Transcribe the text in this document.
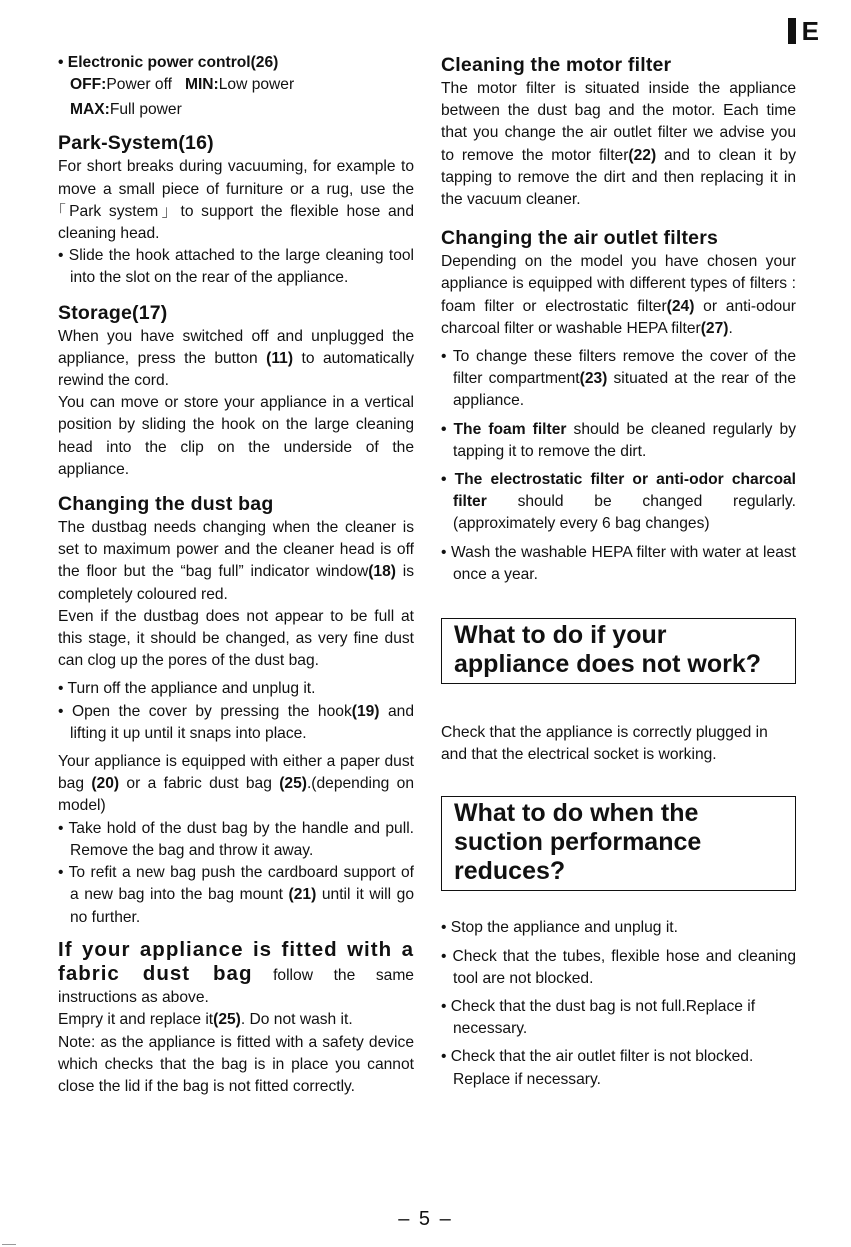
E

• Electronic power control(26)

OFF:Power off MIN:Low power

MAX:Full power

Park-System(16)

For short breaks during vacuuming, for example to move a small piece of furniture or a rug, use the ｢Park system｣ to support the flexible hose and cleaning head.

• Slide the hook attached to the large cleaning tool into the slot on the rear of the appliance.

Storage(17)

When you have switched off and unplugged the appliance, press the button (11) to automatically rewind the cord.

You can move or store your appliance in a vertical position by sliding the hook on the large cleaning head into the clip on the underside of the appliance.

Changing the dust bag

The dustbag needs changing when the cleaner is set to maximum power and the cleaner head is off the floor but the “bag full” indicator window(18) is completely coloured red.

Even if the dustbag does not appear to be full at this stage, it should be changed, as very fine dust can clog up the pores of the dust bag.

• Turn off the appliance and unplug it.

• Open the cover by pressing the hook(19) and lifting it up until it snaps into place.

Your appliance is equipped with either a paper dust bag (20) or a fabric dust bag (25).(depending on model)

• Take hold of the dust bag by the handle and pull. Remove the bag and throw it away.

• To refit a new bag push the cardboard support of a new bag into the bag mount (21) until it will go no further.

If your appliance is fitted with a fabric dust bag follow the same instructions as above.

Empry it and replace it(25). Do not wash it.

Note: as the appliance is fitted with a safety device which checks that the bag is in place you cannot close the lid if the bag is not fitted correctly.

Cleaning the motor filter

The motor filter is situated inside the appliance between the dust bag and the motor. Each time that you change the air outlet filter we advise you to remove the motor filter(22) and to clean it by tapping to remove the dirt and then replacing it in the vacuum cleaner.

Changing the air outlet filters

Depending on the model you have chosen your appliance is equipped with different types of filters : foam filter or electrostatic filter(24) or anti-odour charcoal filter or washable HEPA filter(27).

• To change these filters remove the cover of the filter compartment(23) situated at the rear of the appliance.

• The foam filter should be cleaned regularly by tapping it to remove the dirt.

• The electrostatic filter or anti-odor charcoal filter should be changed regularly. (approximately every 6 bag changes)

• Wash the washable HEPA filter with water at least once a year.

What to do if your appliance does not work?

Check that the appliance is correctly plugged in and that the electrical socket is working.

What to do when the suction performance reduces?

• Stop the appliance and unplug it.

• Check that the tubes, flexible hose and cleaning tool are not blocked.

• Check that the dust bag is not full.Replace if necessary.

• Check that the air outlet filter is not blocked. Replace if necessary.

– 5 –
